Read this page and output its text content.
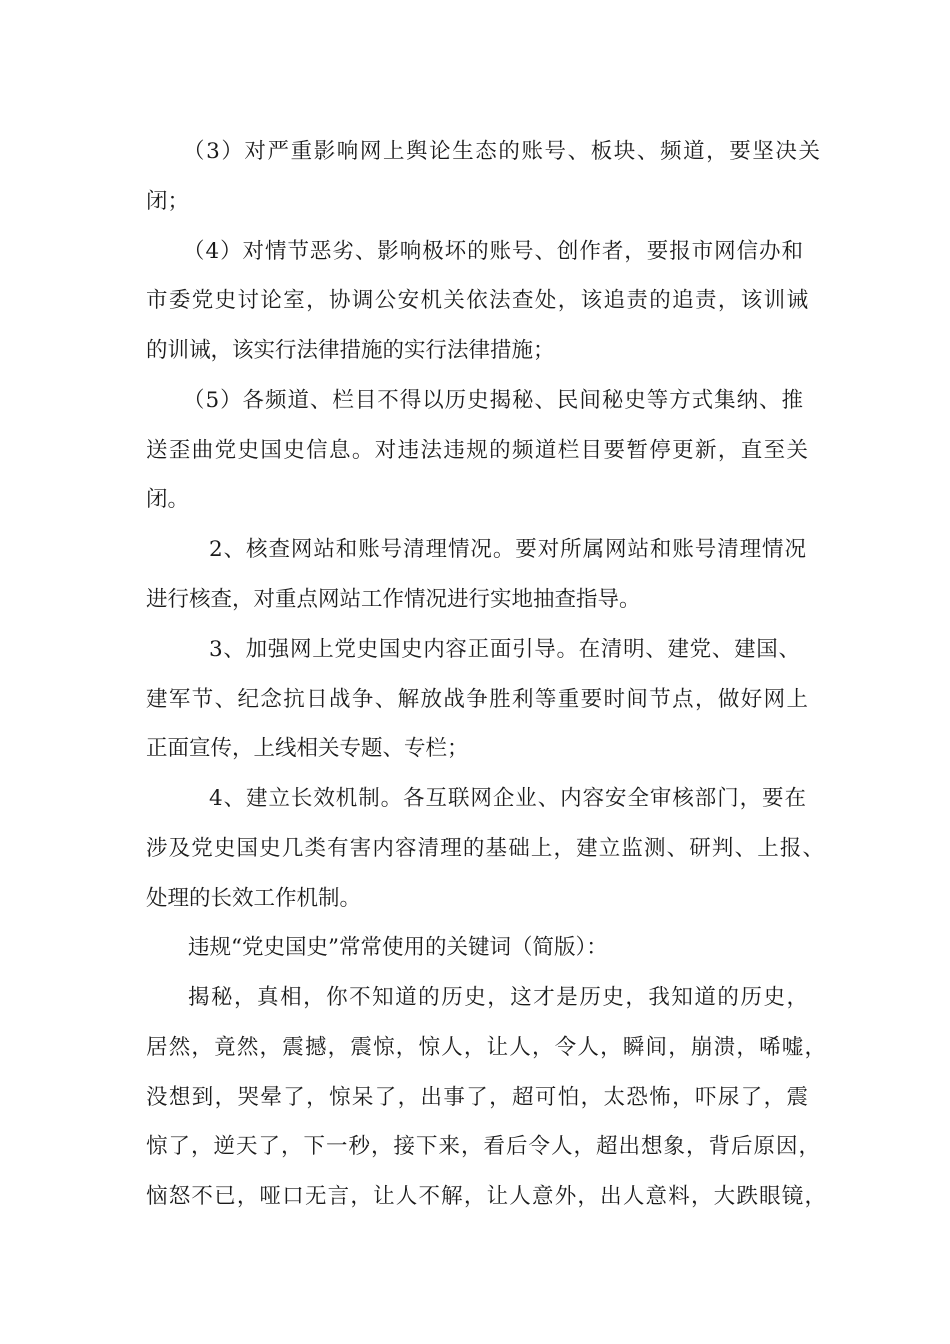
（3）对严重影响网上舆论生态的账号、板块、频道，要坚决关
闭；
（4）对情节恶劣、影响极坏的账号、创作者，要报市网信办和
市委党史讨论室，协调公安机关依法查处，该追责的追责，该训诫
的训诫，该实行法律措施的实行法律措施；
（5）各频道、栏目不得以历史揭秘、民间秘史等方式集纳、推
送歪曲党史国史信息。对违法违规的频道栏目要暂停更新，直至关
闭。
2、核查网站和账号清理情况。要对所属网站和账号清理情况
进行核查，对重点网站工作情况进行实地抽查指导。
3、加强网上党史国史内容正面引导。在清明、建党、建国、
建军节、纪念抗日战争、解放战争胜利等重要时间节点，做好网上
正面宣传，上线相关专题、专栏；
4、建立长效机制。各互联网企业、内容安全审核部门，要在
涉及党史国史几类有害内容清理的基础上，建立监测、研判、上报、
处理的长效工作机制。
违规“党史国史”常常使用的关键词（简版）：
揭秘，真相，你不知道的历史，这才是历史，我知道的历史，
居然，竟然，震撼，震惊，惊人，让人，令人，瞬间，崩溃，唏嘘，
没想到，哭晕了，惊呆了，出事了，超可怕，太恐怖，吓尿了，震
惊了，逆天了，下一秒，接下来，看后令人，超出想象，背后原因，
恼怒不已，哑口无言，让人不解，让人意外，出人意料，大跌眼镜，
